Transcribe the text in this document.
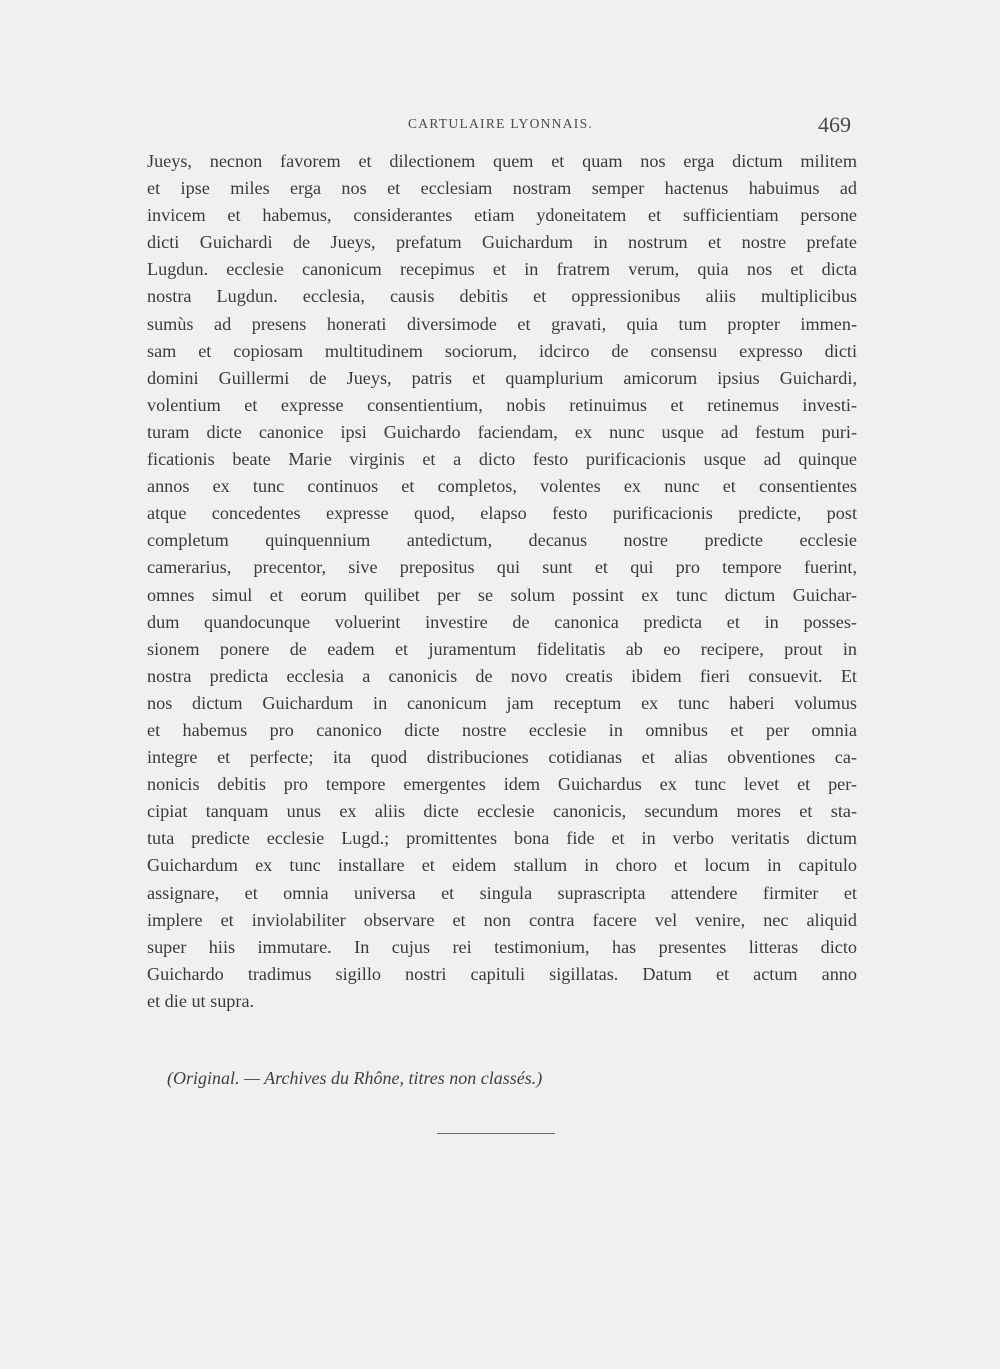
CARTULAIRE LYONNAIS.	469
Jueys, necnon favorem et dilectionem quem et quam nos erga dictum militem
et ipse miles erga nos et ecclesiam nostram semper hactenus habuimus ad
invicem et habemus, considerantes etiam ydoneitatem et sufficientiam persone
dicti Guichardi de Jueys, prefatum Guichardum in nostrum et nostre prefate
Lugdun. ecclesie canonicum recepimus et in fratrem verum, quia nos et dicta
nostra Lugdun. ecclesia, causis debitis et oppressionibus aliis multiplicibus
sumùs ad presens honerati diversimode et gravati, quia tum propter immen-
sam et copiosam multitudinem sociorum, idcirco de consensu expresso dicti
domini Guillermi de Jueys, patris et quamplurium amicorum ipsius Guichardi,
volentium et expresse consentientium, nobis retinuimus et retinemus investi-
turam dicte canonice ipsi Guichardo faciendam, ex nunc usque ad festum puri-
ficationis beate Marie virginis et a dicto festo purificacionis usque ad quinque
annos ex tunc continuos et completos, volentes ex nunc et consentientes
atque concedentes expresse quod, elapso festo purificacionis predicte, post
completum quinquennium antedictum, decanus nostre predicte ecclesie
camerarius, precentor, sive prepositus qui sunt et qui pro tempore fuerint,
omnes simul et eorum quilibet per se solum possint ex tunc dictum Guichar-
dum quandocunque voluerint investire de canonica predicta et in posses-
sionem ponere de eadem et juramentum fidelitatis ab eo recipere, prout in
nostra predicta ecclesia a canonicis de novo creatis ibidem fieri consuevit. Et
nos dictum Guichardum in canonicum jam receptum ex tunc haberi volumus
et habemus pro canonico dicte nostre ecclesie in omnibus et per omnia
integre et perfecte; ita quod distribuciones cotidianas et alias obventiones ca-
nonicis debitis pro tempore emergentes idem Guichardus ex tunc levet et per-
cipiat tanquam unus ex aliis dicte ecclesie canonicis, secundum mores et sta-
tuta predicte ecclesie Lugd.; promittentes bona fide et in verbo veritatis dictum
Guichardum ex tunc installare et eidem stallum in choro et locum in capitulo
assignare, et omnia universa et singula suprascripta attendere firmiter et
implere et inviolabiliter observare et non contra facere vel venire, nec aliquid
super hiis immutare. In cujus rei testimonium, has presentes litteras dicto
Guichardo tradimus sigillo nostri capituli sigillatas. Datum et actum anno
et die ut supra.
(Original. — Archives du Rhône, titres non classés.)
